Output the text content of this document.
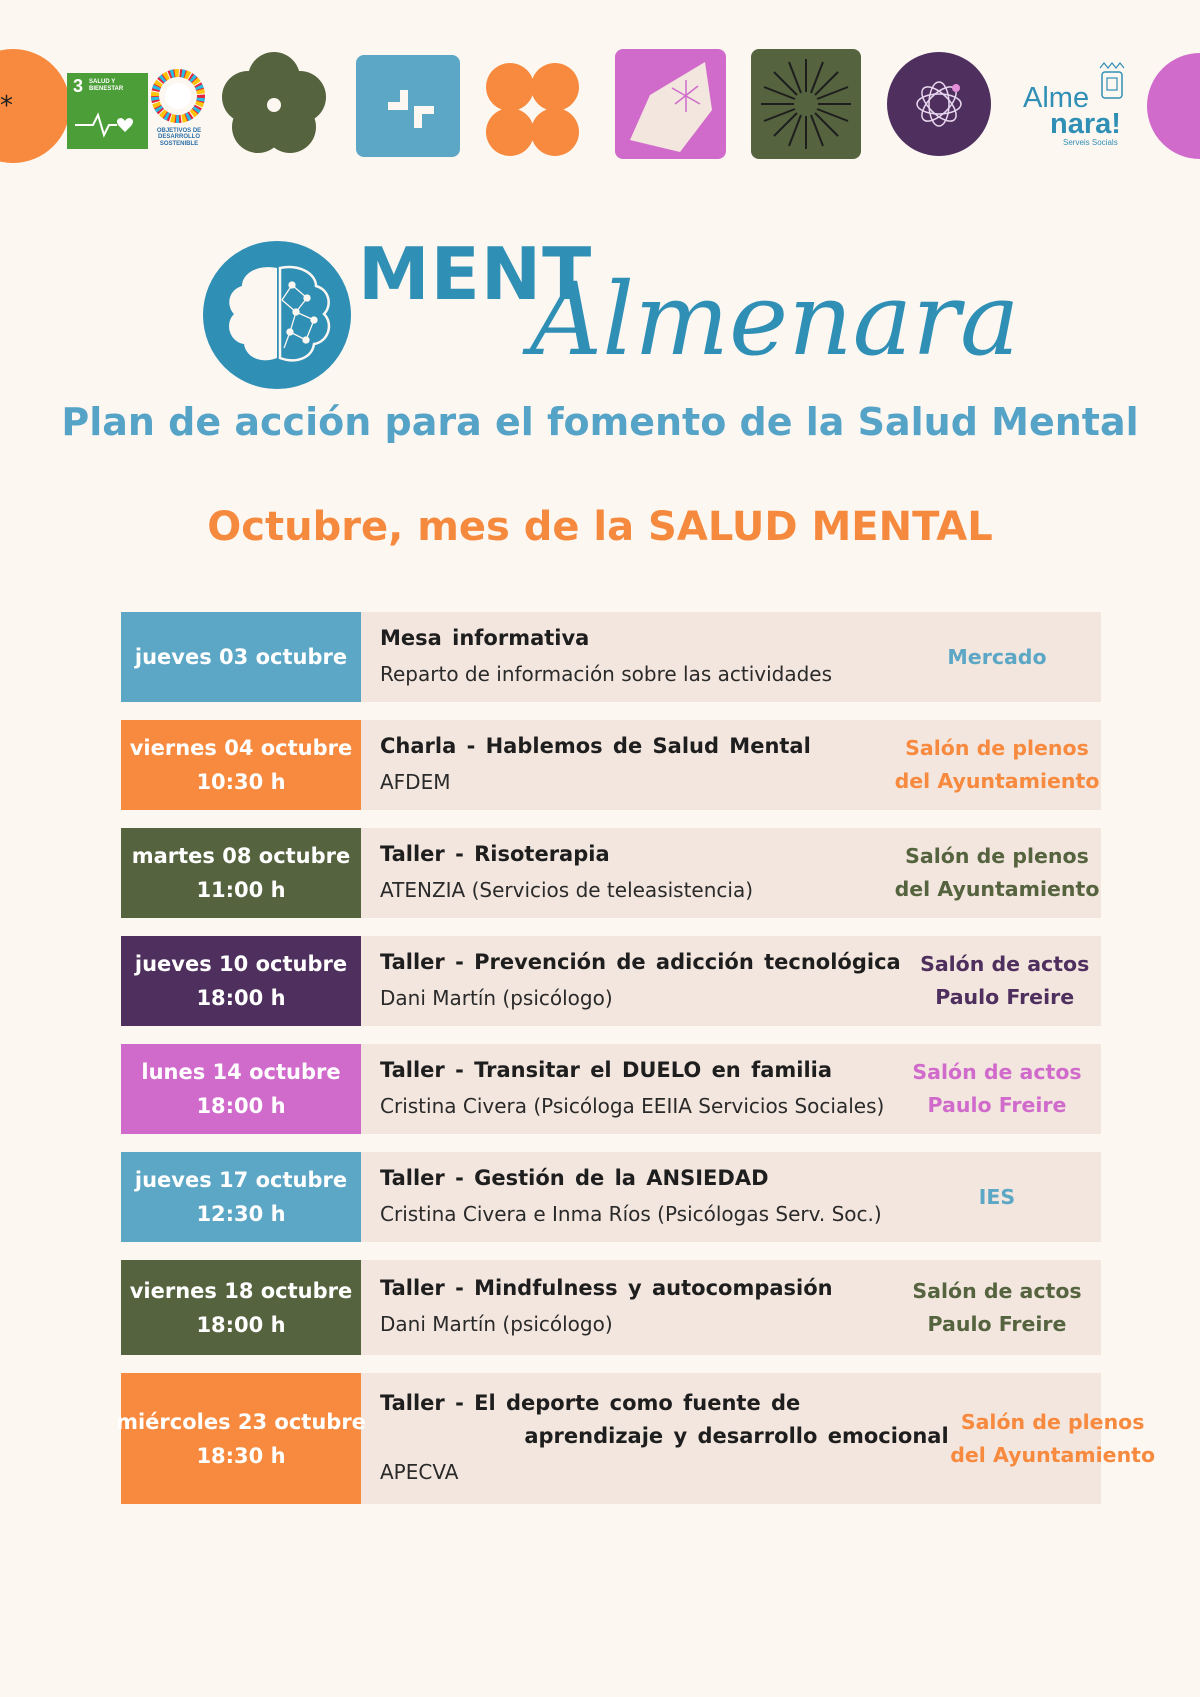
*
3 SALUD Y BIENESTAR
OBJETIVOS DE DESARROLLO SOSTENIBLE
Alme
nara!
Serveis Socials
MENT
Almenara
Plan de acción para el fomento de la Salud Mental
Octubre, mes de la SALUD MENTAL
jueves 03 octubre
Mesa informativa
Reparto de información sobre las actividades
Mercado
viernes 04 octubre
10:30 h
Charla - Hablemos de Salud Mental
AFDEM
Salón de plenos
del Ayuntamiento
martes 08 octubre
11:00 h
Taller - Risoterapia
ATENZIA (Servicios de teleasistencia)
Salón de plenos
del Ayuntamiento
jueves 10 octubre
18:00 h
Taller - Prevención de adicción tecnológica
Dani Martín (psicólogo)
Salón de actos
Paulo Freire
lunes 14 octubre
18:00 h
Taller - Transitar el DUELO en familia
Cristina Civera (Psicóloga EEIIA Servicios Sociales)
Salón de actos
Paulo Freire
jueves 17 octubre
12:30 h
Taller - Gestión de la ANSIEDAD
Cristina Civera e Inma Ríos (Psicólogas Serv. Soc.)
IES
viernes 18 octubre
18:00 h
Taller - Mindfulness y autocompasión
Dani Martín (psicólogo)
Salón de actos
Paulo Freire
miércoles 23 octubre
18:30 h
Taller - El deporte como fuente de
aprendizaje y desarrollo emocional
APECVA
Salón de plenos
del Ayuntamiento
